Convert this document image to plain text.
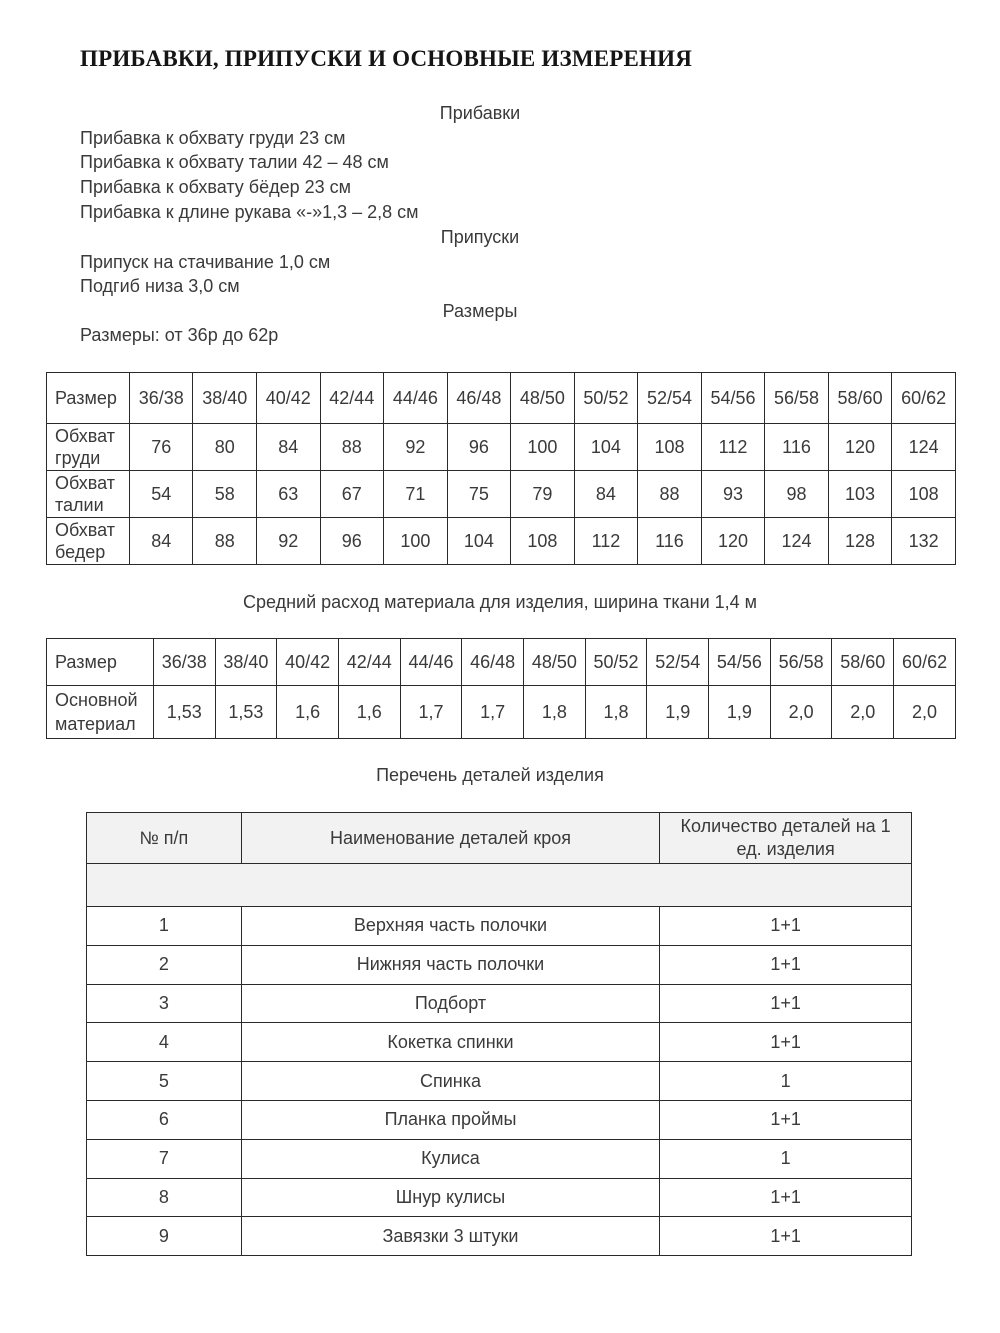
ПРИБАВКИ, ПРИПУСКИ И ОСНОВНЫЕ ИЗМЕРЕНИЯ
Прибавки
Прибавка к обхвату груди 23 см
Прибавка к обхвату талии 42 – 48 см
Прибавка к обхвату бёдер 23 см
Прибавка к длине рукава «-»1,3 – 2,8 см
Припуски
Припуск на стачивание 1,0 см
Подгиб низа 3,0 см
Размеры
Размеры: от 36р до 62р
Размер	36/38	38/40	40/42	42/44	44/46	46/48	48/50	50/52	52/54	54/56	56/58	58/60	60/62
Обхват груди	76	80	84	88	92	96	100	104	108	112	116	120	124
Обхват талии	54	58	63	67	71	75	79	84	88	93	98	103	108
Обхват бедер	84	88	92	96	100	104	108	112	116	120	124	128	132
Средний расход материала для изделия, ширина ткани 1,4 м
Размер	36/38	38/40	40/42	42/44	44/46	46/48	48/50	50/52	52/54	54/56	56/58	58/60	60/62
Основной материал	1,53	1,53	1,6	1,6	1,7	1,7	1,8	1,8	1,9	1,9	2,0	2,0	2,0
Перечень деталей изделия
№ п/п	Наименование деталей кроя	Количество деталей на 1 ед. изделия

1	Верхняя часть полочки	1+1
2	Нижняя часть полочки	1+1
3	Подборт	1+1
4	Кокетка спинки	1+1
5	Спинка	1
6	Планка проймы	1+1
7	Кулиса	1
8	Шнур кулисы	1+1
9	Завязки 3 штуки	1+1
